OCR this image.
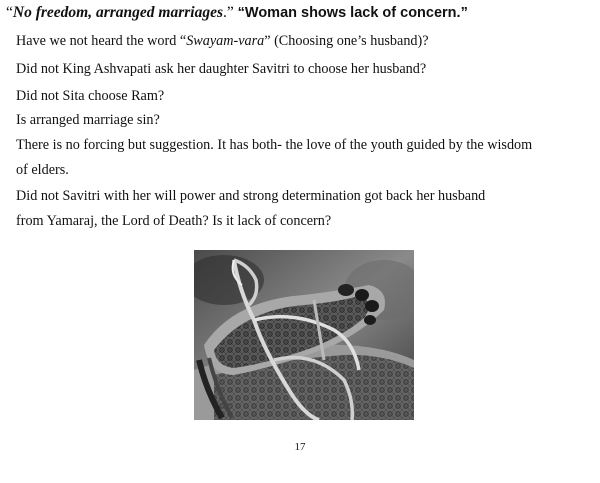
“No freedom, arranged marriages.” “Woman shows lack of concern.”
Have we not heard the word “Swayam-vara” (Choosing one’s husband)?
Did not King Ashvapati ask her daughter Savitri to choose her husband?
Did not Sita choose Ram?
Is arranged marriage sin?
There is no forcing but suggestion. It has both- the love of the youth guided by the wisdom
of elders.
Did not Savitri with her will power and strong determination got back her husband
from Yamaraj, the Lord of Death? Is it lack of concern?
17
